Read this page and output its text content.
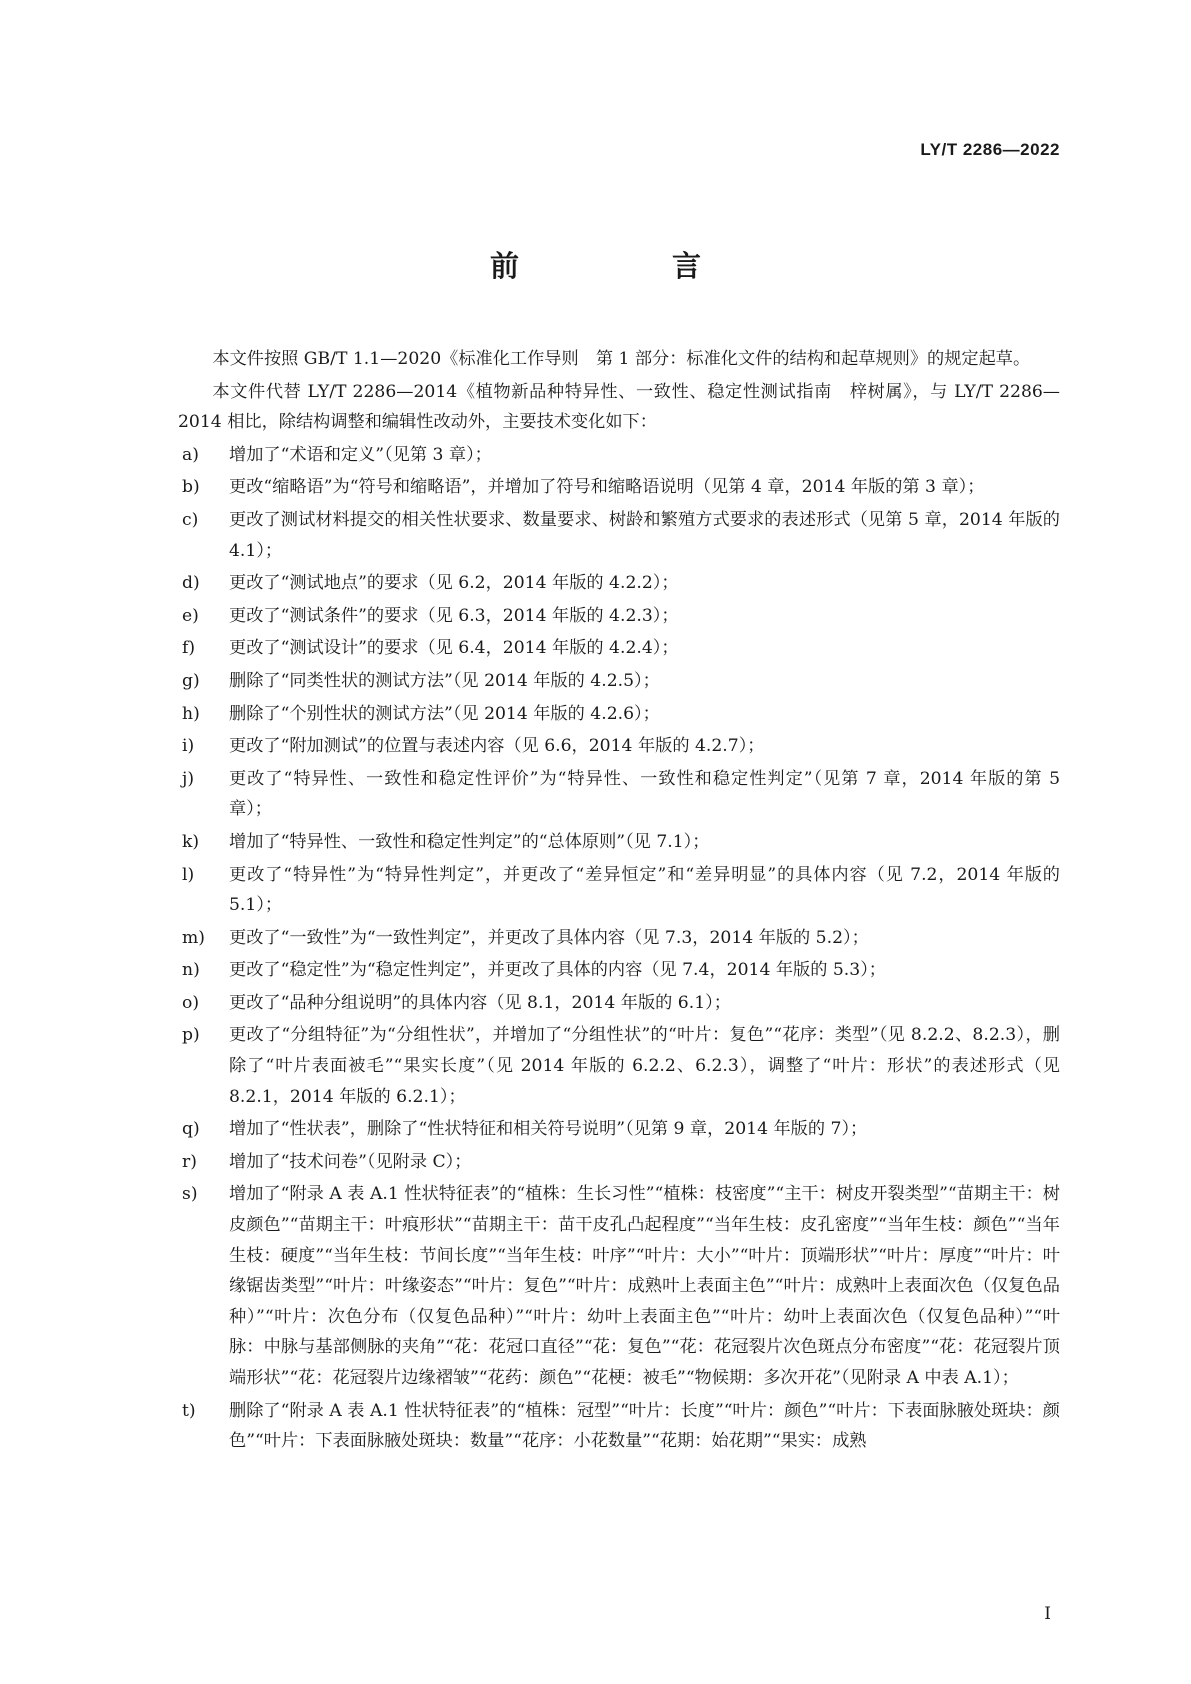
LY/T 2286—2022
前　言

本文件按照 GB/T 1.1—2020《标准化工作导则　第 1 部分：标准化文件的结构和起草规则》的规定起草。

本文件代替 LY/T 2286—2014《植物新品种特异性、一致性、稳定性测试指南　梓树属》，与 LY/T 2286—2014 相比，除结构调整和编辑性改动外，主要技术变化如下：

a)	增加了“术语和定义”（见第 3 章）；
b)	更改“缩略语”为“符号和缩略语”，并增加了符号和缩略语说明（见第 4 章，2014 年版的第 3 章）；
c)	更改了测试材料提交的相关性状要求、数量要求、树龄和繁殖方式要求的表述形式（见第 5 章，2014 年版的 4.1）；
d)	更改了“测试地点”的要求（见 6.2，2014 年版的 4.2.2）；
e)	更改了“测试条件”的要求（见 6.3，2014 年版的 4.2.3）；
f)	更改了“测试设计”的要求（见 6.4，2014 年版的 4.2.4）；
g)	删除了“同类性状的测试方法”（见 2014 年版的 4.2.5）；
h)	删除了“个别性状的测试方法”（见 2014 年版的 4.2.6）；
i)	更改了“附加测试”的位置与表述内容（见 6.6，2014 年版的 4.2.7）；
j)	更改了“特异性、一致性和稳定性评价”为“特异性、一致性和稳定性判定”（见第 7 章，2014 年版的第 5 章）；
k)	增加了“特异性、一致性和稳定性判定”的“总体原则”（见 7.1）；
l)	更改了“特异性”为“特异性判定”，并更改了“差异恒定”和“差异明显”的具体内容（见 7.2，2014 年版的 5.1）；
m)	更改了“一致性”为“一致性判定”，并更改了具体内容（见 7.3，2014 年版的 5.2）；
n)	更改了“稳定性”为“稳定性判定”，并更改了具体的内容（见 7.4，2014 年版的 5.3）；
o)	更改了“品种分组说明”的具体内容（见 8.1，2014 年版的 6.1）；
p)	更改了“分组特征”为“分组性状”，并增加了“分组性状”的“叶片：复色”“花序：类型”（见 8.2.2、8.2.3），删除了“叶片表面被毛”“果实长度”（见 2014 年版的 6.2.2、6.2.3），调整了“叶片：形状”的表述形式（见 8.2.1，2014 年版的 6.2.1）；
q)	增加了“性状表”，删除了“性状特征和相关符号说明”（见第 9 章，2014 年版的 7）；
r)	增加了“技术问卷”（见附录 C）；
s)	增加了“附录 A 表 A.1 性状特征表”的“植株：生长习性”“植株：枝密度”“主干：树皮开裂类型”“苗期主干：树皮颜色”“苗期主干：叶痕形状”“苗期主干：苗干皮孔凸起程度”“当年生枝：皮孔密度”“当年生枝：颜色”“当年生枝：硬度”“当年生枝：节间长度”“当年生枝：叶序”“叶片：大小”“叶片：顶端形状”“叶片：厚度”“叶片：叶缘锯齿类型”“叶片：叶缘姿态”“叶片：复色”“叶片：成熟叶上表面主色”“叶片：成熟叶上表面次色（仅复色品种）”“叶片：次色分布（仅复色品种）”“叶片：幼叶上表面主色”“叶片：幼叶上表面次色（仅复色品种）”“叶脉：中脉与基部侧脉的夹角”“花：花冠口直径”“花：复色”“花：花冠裂片次色斑点分布密度”“花：花冠裂片顶端形状”“花：花冠裂片边缘褶皱”“花药：颜色”“花梗：被毛”“物候期：多次开花”（见附录 A 中表 A.1）；
t)	删除了“附录 A 表 A.1 性状特征表”的“植株：冠型”“叶片：长度”“叶片：颜色”“叶片：下表面脉腋处斑块：颜色”“叶片：下表面脉腋处斑块：数量”“花序：小花数量”“花期：始花期”“果实：成熟
I
